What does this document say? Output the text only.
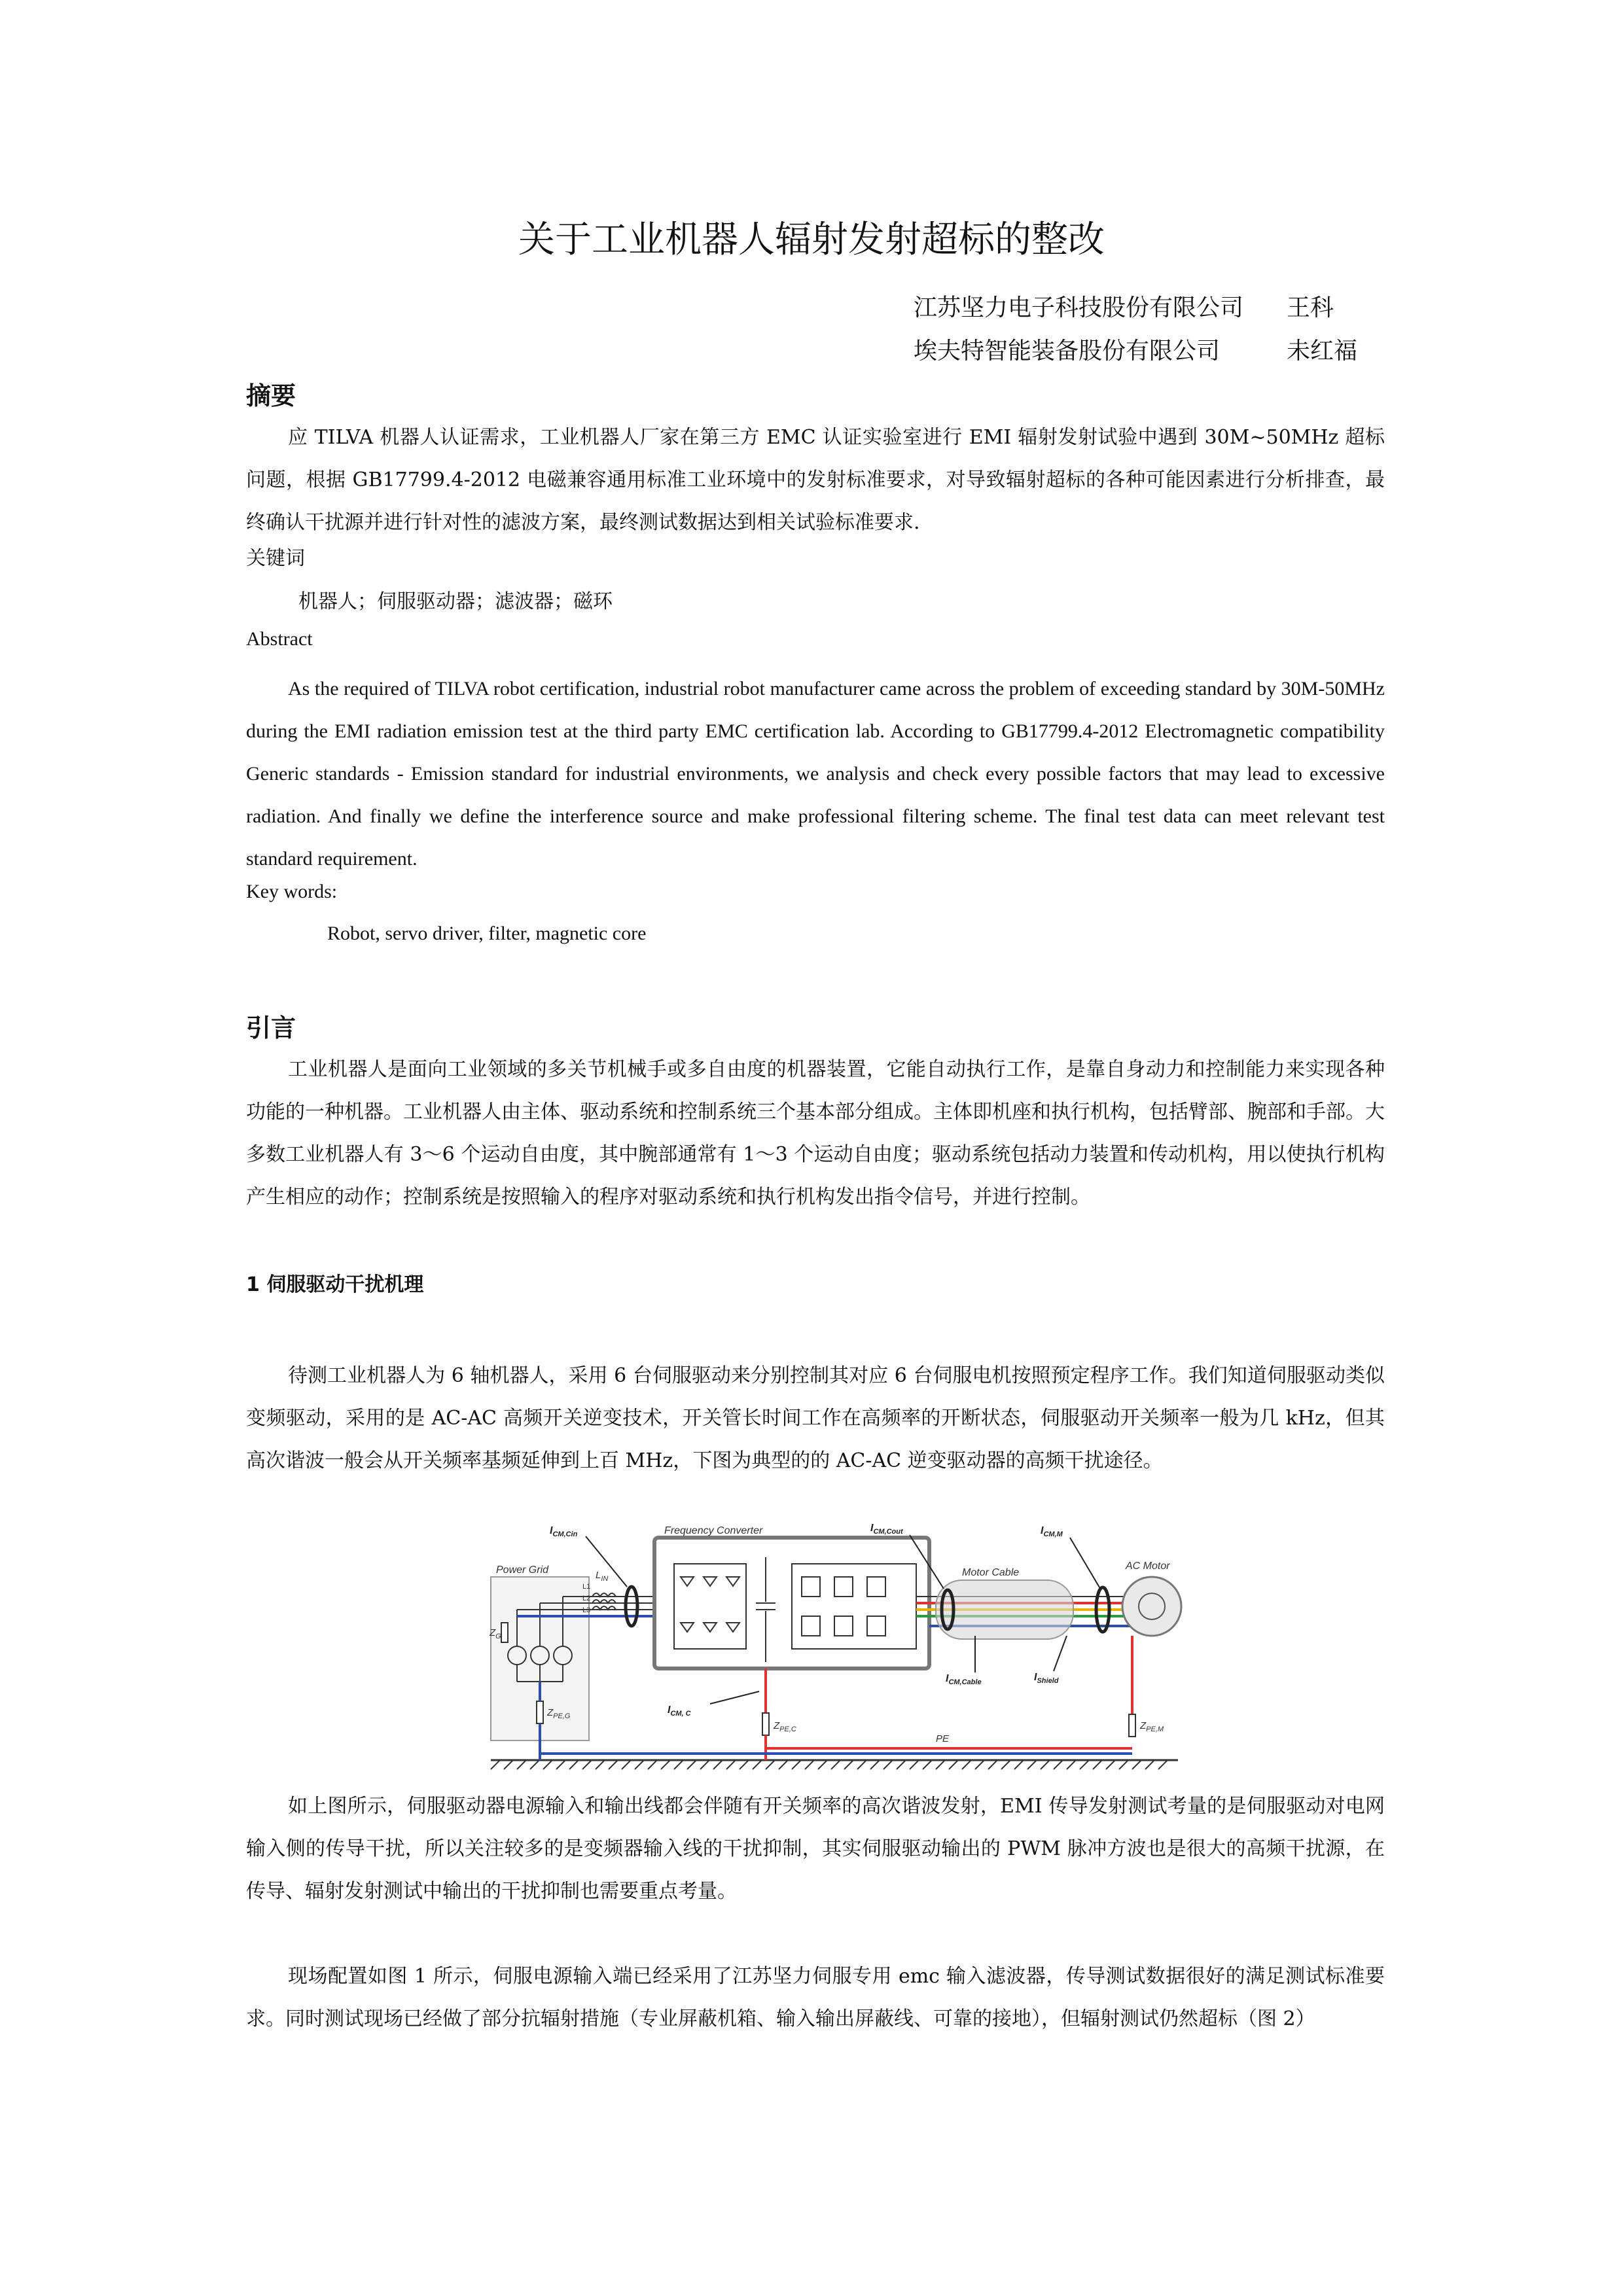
关于工业机器人辐射发射超标的整改
江苏坚力电子科技股份有限公司 王科
埃夫特智能装备股份有限公司	未红福
摘要

应 TILVA 机器人认证需求，工业机器人厂家在第三方 EMC 认证实验室进行 EMI 辐射发射试验中遇到 30M~50MHz 超标问题，根据 GB17799.4-2012 电磁兼容通用标准工业环境中的发射标准要求，对导致辐射超标的各种可能因素进行分析排查，最终确认干扰源并进行针对性的滤波方案，最终测试数据达到相关试验标准要求.

关键词
机器人；伺服驱动器；滤波器；磁环
Abstract

As the required of TILVA robot certification, industrial robot manufacturer came across the problem of exceeding standard by 30M-50MHz during the EMI radiation emission test at the third party EMC certification lab. According to GB17799.4-2012 Electromagnetic compatibility Generic standards - Emission standard for industrial environments, we analysis and check every possible factors that may lead to excessive radiation. And finally we define the interference source and make professional filtering scheme. The final test data can meet relevant test standard requirement.

Key words:
Robot, servo driver, filter, magnetic core
引言

工业机器人是面向工业领域的多关节机械手或多自由度的机器装置，它能自动执行工作，是靠自身动力和控制能力来实现各种功能的一种机器。工业机器人由主体、驱动系统和控制系统三个基本部分组成。主体即机座和执行机构，包括臂部、腕部和手部。大多数工业机器人有 3～6 个运动自由度，其中腕部通常有 1～3 个运动自由度；驱动系统包括动力装置和传动机构，用以使执行机构产生相应的动作；控制系统是按照输入的程序对驱动系统和执行机构发出指令信号，并进行控制。

1 伺服驱动干扰机理

待测工业机器人为 6 轴机器人，采用 6 台伺服驱动来分别控制其对应 6 台伺服电机按照预定程序工作。我们知道伺服驱动类似变频驱动，采用的是 AC-AC 高频开关逆变技术，开关管长时间工作在高频率的开断状态，伺服驱动开关频率一般为几 kHz，但其高次谐波一般会从开关频率基频延伸到上百 MHz，下图为典型的的 AC-AC 逆变驱动器的高频干扰途径。

Power Grid
$Z_G$
$Z_{PE,G}$
L1
L2
L3
$L_{IN}$
$I_{CM,Cin}$	Frequency Converter
$Z_{PE,C}$
$I_{CM, C}$
Motor Cable
$I_{CM,Cout}$	$I_{CM,M}$
$I_{CM,Cable}$	$I_{Shield}$
AC Motor
$Z_{PE,M}$
PE

如上图所示，伺服驱动器电源输入和输出线都会伴随有开关频率的高次谐波发射，EMI 传导发射测试考量的是伺服驱动对电网输入侧的传导干扰，所以关注较多的是变频器输入线的干扰抑制，其实伺服驱动输出的 PWM 脉冲方波也是很大的高频干扰源，在传导、辐射发射测试中输出的干扰抑制也需要重点考量。

现场配置如图 1 所示，伺服电源输入端已经采用了江苏坚力伺服专用 emc 输入滤波器，传导测试数据很好的满足测试标准要求。同时测试现场已经做了部分抗辐射措施（专业屏蔽机箱、输入输出屏蔽线、可靠的接地），但辐射测试仍然超标（图 2）
